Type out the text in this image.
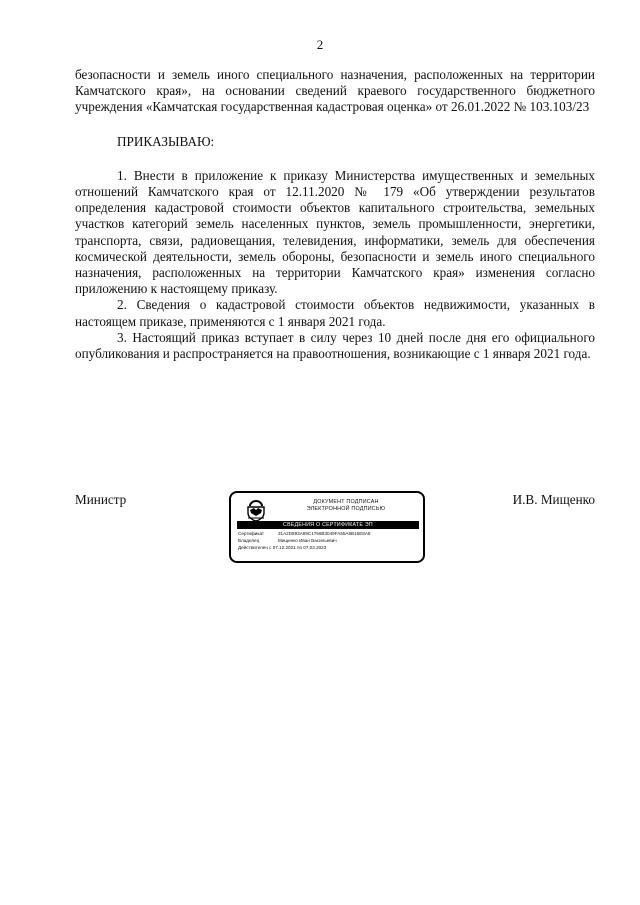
2

безопасности и земель иного специального назначения, расположенных на территории Камчатского края», на основании сведений краевого государственного бюджетного учреждения «Камчатская государственная кадастровая оценка» от 26.01.2022 № 103.103/23

ПРИКАЗЫВАЮ:

1. Внести в приложение к приказу Министерства имущественных и земельных отношений Камчатского края от 12.11.2020 № 179 «Об утверждении результатов определения кадастровой стоимости объектов капитального строительства, земельных участков категорий земель населенных пунктов, земель промышленности, энергетики, транспорта, связи, радиовещания, телевидения, информатики, земель для обеспечения космической деятельности, земель обороны, безопасности и земель иного специального назначения, расположенных на территории Камчатского края» изменения согласно приложению к настоящему приказу.

2. Сведения о кадастровой стоимости объектов недвижимости, указанных в настоящем приказе, применяются с 1 января 2021 года.

3. Настоящий приказ вступает в силу через 10 дней после дня его официального опубликования и распространяется на правоотношения, возникающие с 1 января 2021 года.

Министр	ДОКУМЕНТ ПОДПИСАН
ЭЛЕКТРОННОЙ ПОДПИСЬЮ
СВЕДЕНИЯ О СЕРТИФИКАТЕ ЭП
Сертификат	31A2D893A89C1756B3049FA55A5B16E8A8
Владелец	Мищенко Иван Васильевич
Действителен с 07.12.2021 по 07.03.2023
И.В. Мищенко
